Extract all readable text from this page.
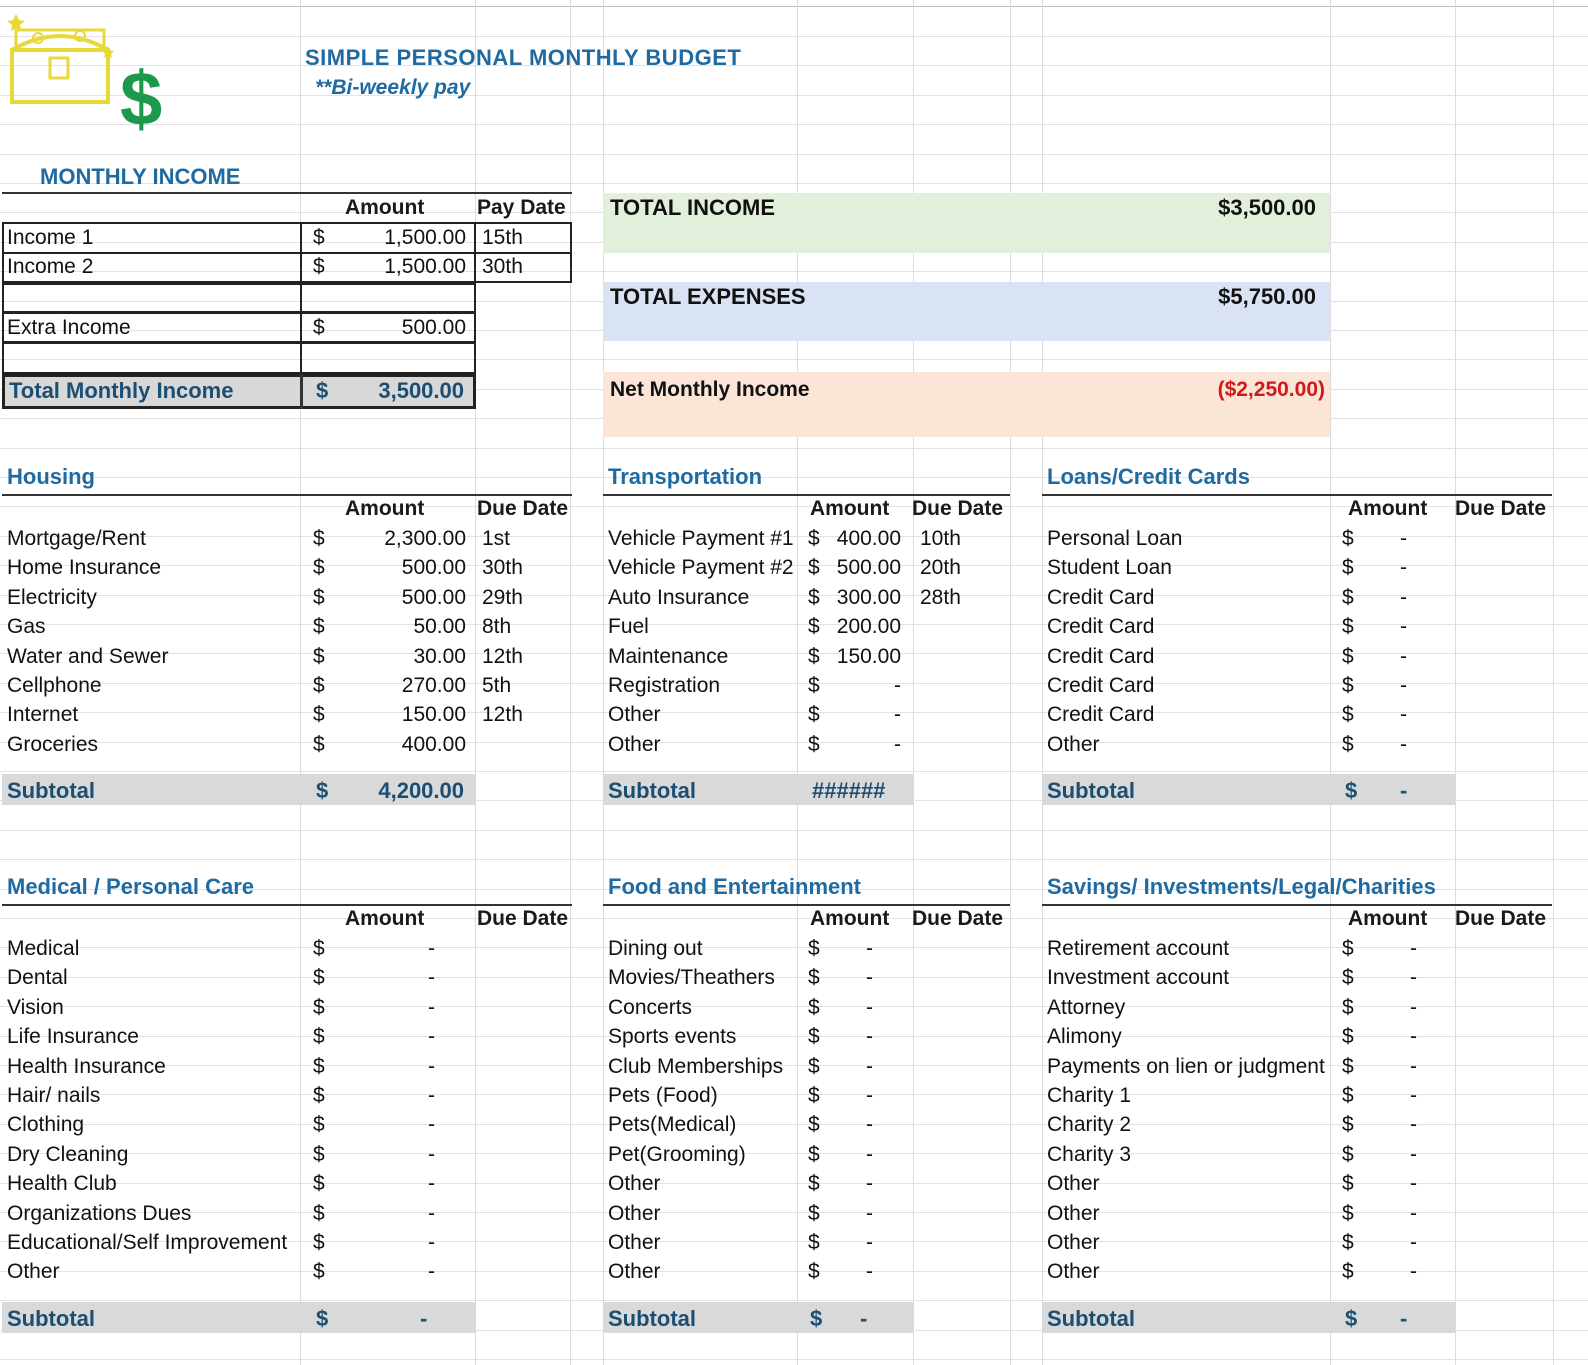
$	SIMPLE PERSONAL MONTHLY BUDGET
**Bi-weekly pay
MONTHLY INCOME
Amount	Pay Date
Income 1	$	1,500.00 15th
Income 2	$	1,500.00 30th
Extra Income	$	500.00
Total Monthly Income	$	3,500.00
TOTAL INCOME	$3,500.00
TOTAL EXPENSES	$5,750.00
Net Monthly Income	($2,250.00)
Housing
Amount	Due Date
Mortgage/Rent	$	2,300.00 1st
Home Insurance	$	500.00 30th
Electricity	$	500.00 29th
Gas	$	50.00 8th
Water and Sewer	$	30.00 12th
Cellphone	$	270.00 5th
Internet	$	150.00 12th
Groceries	$	400.00
Subtotal	$	4,200.00
Transportation
Amount Due Date
Vehicle Payment #1 $ 400.00 10th
Vehicle Payment #2 $ 500.00 20th
Auto Insurance	$ 300.00 28th
Fuel	$ 200.00
Maintenance	$ 150.00
Registration	$	-
Other	$	-
Other	$	-
Subtotal	######
Loans/Credit Cards
Amount Due Date
Personal Loan	$ -
Student Loan	$ -
Credit Card	$ -
Credit Card	$ -
Credit Card	$ -
Credit Card	$ -
Credit Card	$ -
Other	$ -
Subtotal	$ -
Medical / Personal Care
Amount	Due Date
Medical	$	-
Dental	$	-
Vision	$	-
Life Insurance	$	-
Health Insurance	$	-
Hair/ nails	$	-
Clothing	$	-
Dry Cleaning	$	-
Health Club	$	-
Organizations Dues	$	-
Educational/Self Improvement	$	-
Other	$	-
Subtotal	$	-
Food and Entertainment
Amount Due Date
Dining out	$ -
Movies/Theathers	$ -
Concerts	$ -
Sports events	$ -
Club Memberships	$ -
Pets (Food)	$ -
Pets(Medical)	$ -
Pet(Grooming)	$ -
Other	$ -
Other	$ -
Other	$ -
Other	$ -
Subtotal	$ -
Savings/ Investments/Legal/Charities
Amount Due Date
Retirement account	$	-
Investment account	$	-
Attorney	$	-
Alimony	$	-
Payments on lien or judgment $	-
Charity 1	$	-
Charity 2	$	-
Charity 3	$	-
Other	$	-
Other	$	-
Other	$	-
Other	$	-
Subtotal	$ -
